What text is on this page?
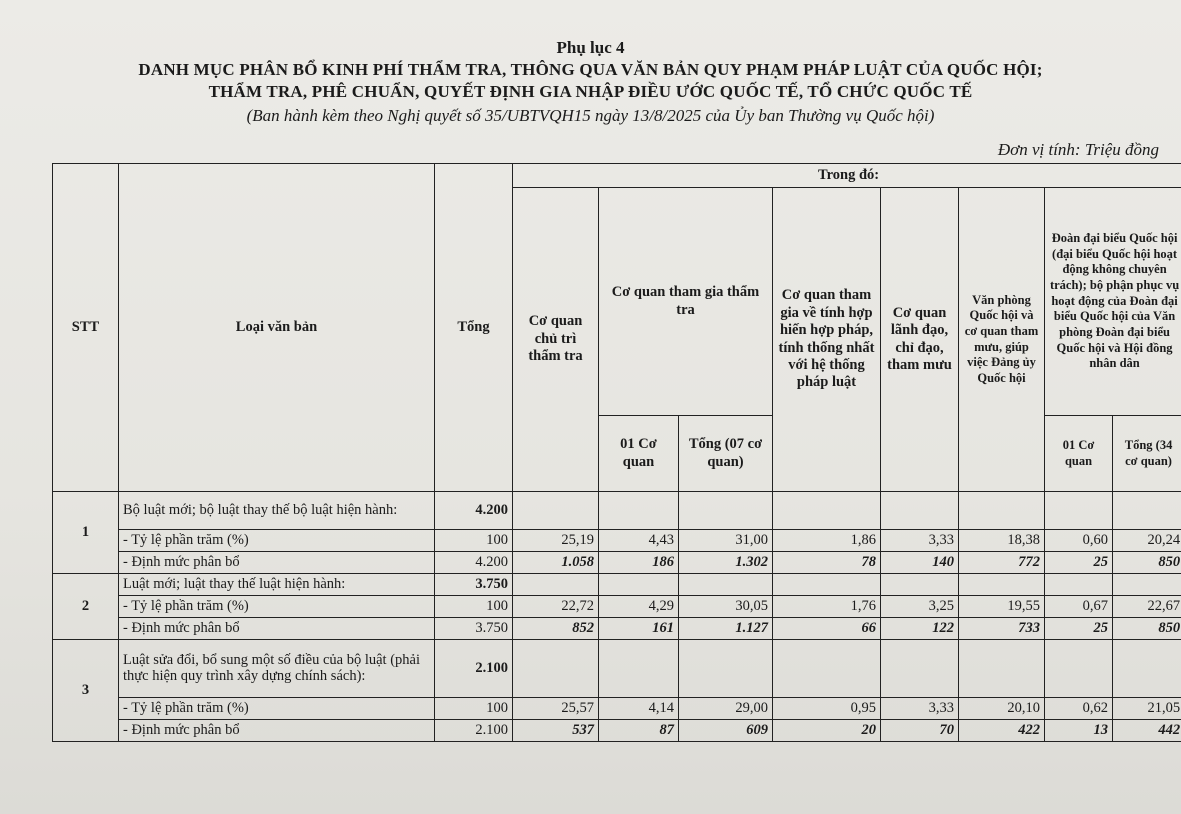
Phụ lục 4
DANH MỤC PHÂN BỔ KINH PHÍ THẨM TRA, THÔNG QUA VĂN BẢN QUY PHẠM PHÁP LUẬT CỦA QUỐC HỘI;
THẨM TRA, PHÊ CHUẨN, QUYẾT ĐỊNH GIA NHẬP ĐIỀU ƯỚC QUỐC TẾ, TỔ CHỨC QUỐC TẾ
(Ban hành kèm theo Nghị quyết số 35/UBTVQH15 ngày 13/8/2025 của Ủy ban Thường vụ Quốc hội)
Đơn vị tính: Triệu đồng
STT	Loại văn bản	Tổng	Trong đó:							
			Cơ quan chủ trì thẩm tra	Cơ quan tham gia thẩm tra		Cơ quan tham gia về tính hợp hiến hợp pháp, tính thống nhất với hệ thống pháp luật	Cơ quan lãnh đạo, chỉ đạo, tham mưu	Văn phòng Quốc hội và cơ quan tham mưu, giúp việc Đảng ủy Quốc hội	Đoàn đại biểu Quốc hội (đại biểu Quốc hội hoạt động không chuyên trách); bộ phận phục vụ hoạt động của Đoàn đại biểu Quốc hội của Văn phòng Đoàn đại biểu Quốc hội và Hội đồng nhân dân	
				01 Cơ quan	Tổng (07 cơ quan)				01 Cơ quan	Tổng (34 cơ quan)
1	Bộ luật mới; bộ luật thay thế bộ luật hiện hành:	4.200								
	- Tỷ lệ phần trăm (%)	100	25,19	4,43	31,00	1,86	3,33	18,38	0,60	20,24
	- Định mức phân bổ	4.200	1.058	186	1.302	78	140	772	25	850
2	Luật mới; luật thay thế luật hiện hành:	3.750								
	- Tỷ lệ phần trăm (%)	100	22,72	4,29	30,05	1,76	3,25	19,55	0,67	22,67
	- Định mức phân bổ	3.750	852	161	1.127	66	122	733	25	850
3	Luật sửa đổi, bổ sung một số điều của bộ luật (phải thực hiện quy trình xây dựng chính sách):	2.100								
	- Tỷ lệ phần trăm (%)	100	25,57	4,14	29,00	0,95	3,33	20,10	0,62	21,05
	- Định mức phân bổ	2.100	537	87	609	20	70	422	13	442
